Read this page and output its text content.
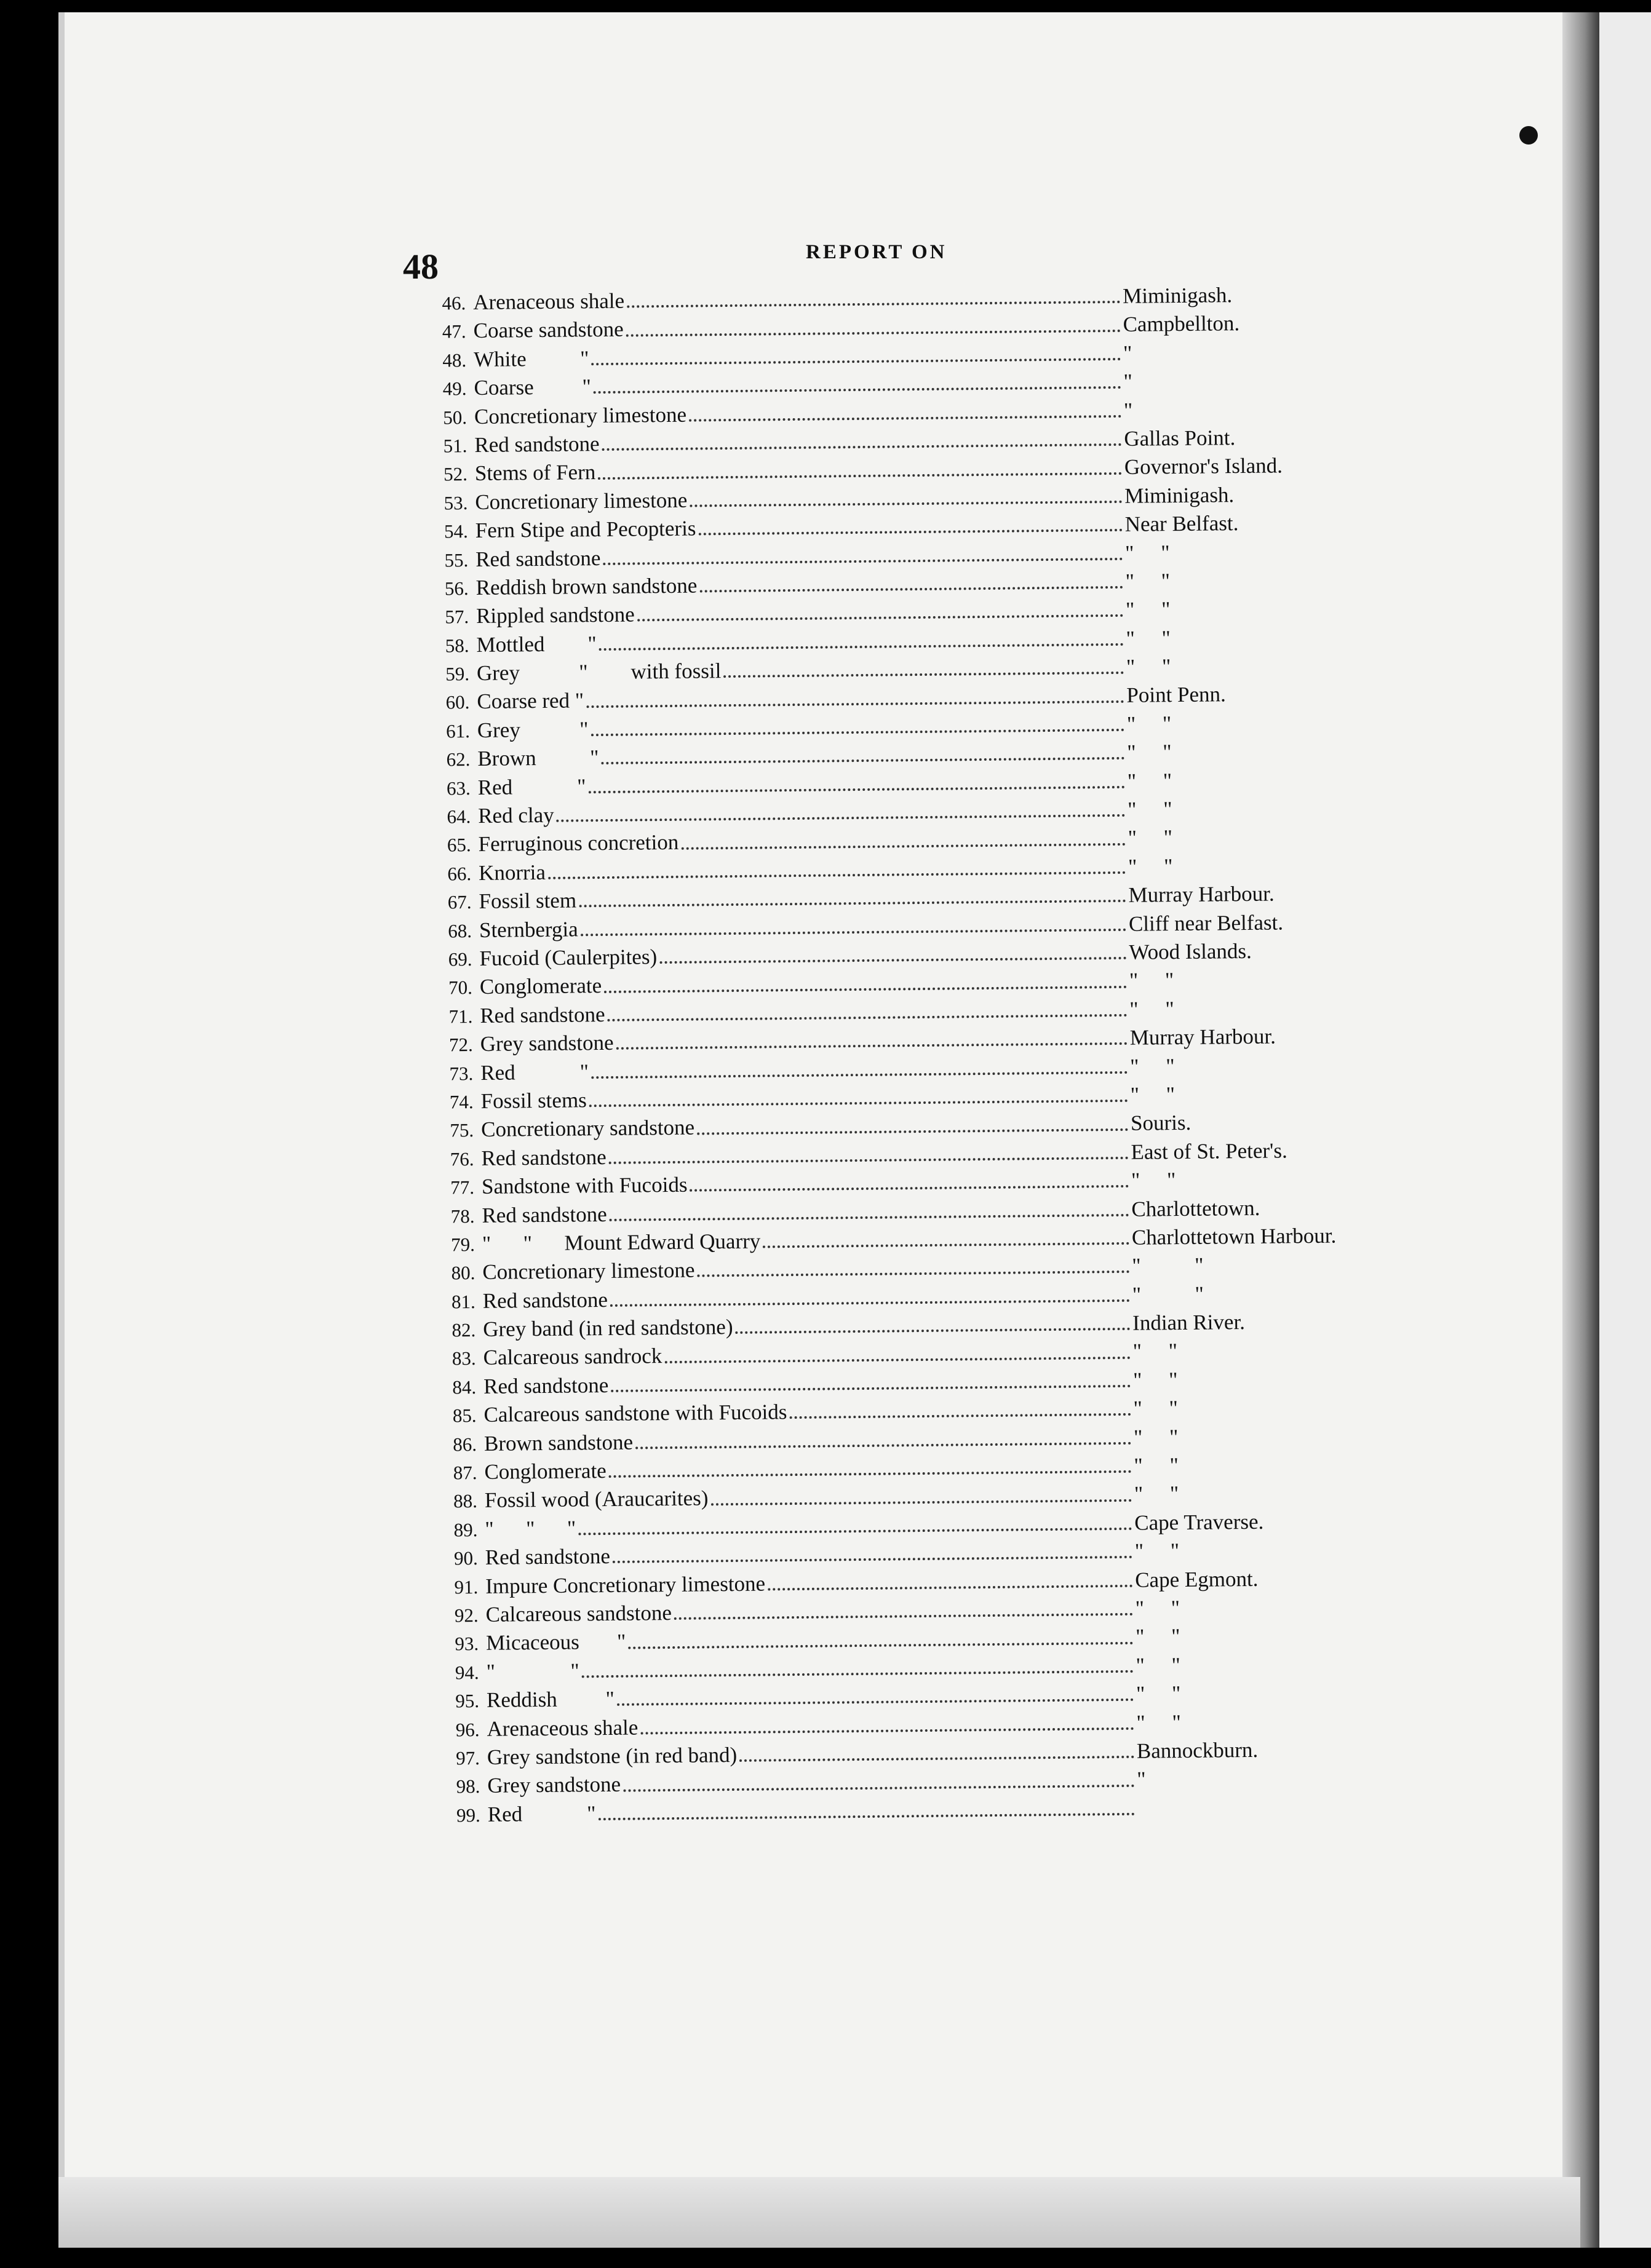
48	REPORT ON
46. Arenaceous shale	Miminigash.
47. Coarse sandstone	Campbellton.
48. White          "	"
49. Coarse         "	"
50. Concretionary limestone	"
51. Red sandstone	Gallas Point.
52. Stems of Fern	Governor's Island.
53. Concretionary limestone	Miminigash.
54. Fern Stipe and Pecopteris	Near Belfast.
55. Red sandstone	"     "
56. Reddish brown sandstone	"     "
57. Rippled sandstone	"     "
58. Mottled        "	"     "
59. Grey           "        with fossil	"     "
60. Coarse red "	Point Penn.
61. Grey           "	"     "
62. Brown          "	"     "
63. Red            "	"     "
64. Red clay	"     "
65. Ferruginous concretion	"     "
66. Knorria	"     "
67. Fossil stem	Murray Harbour.
68. Sternbergia	Cliff near Belfast.
69. Fucoid (Caulerpites)	Wood Islands.
70. Conglomerate	"     "
71. Red sandstone	"     "
72. Grey sandstone	Murray Harbour.
73. Red            "	"     "
74. Fossil stems	"     "
75. Concretionary sandstone	Souris.
76. Red sandstone	East of St. Peter's.
77. Sandstone with Fucoids	"     "
78. Red sandstone	Charlottetown.
79. "      "      Mount Edward Quarry	Charlottetown Harbour.
80. Concretionary limestone	"          "
81. Red sandstone	"          "
82. Grey band (in red sandstone)	Indian River.
83. Calcareous sandrock	"     "
84. Red sandstone	"     "
85. Calcareous sandstone with Fucoids	"     "
86. Brown sandstone	"     "
87. Conglomerate	"     "
88. Fossil wood (Araucarites)	"     "
89. "      "      "	Cape Traverse.
90. Red sandstone	"     "
91. Impure Concretionary limestone	Cape Egmont.
92. Calcareous sandstone	"     "
93. Micaceous       "	"     "
94. "              "	"     "
95. Reddish         "	"     "
96. Arenaceous shale	"     "
97. Grey sandstone (in red band)	Bannockburn.
98. Grey sandstone	"
99. Red            "
